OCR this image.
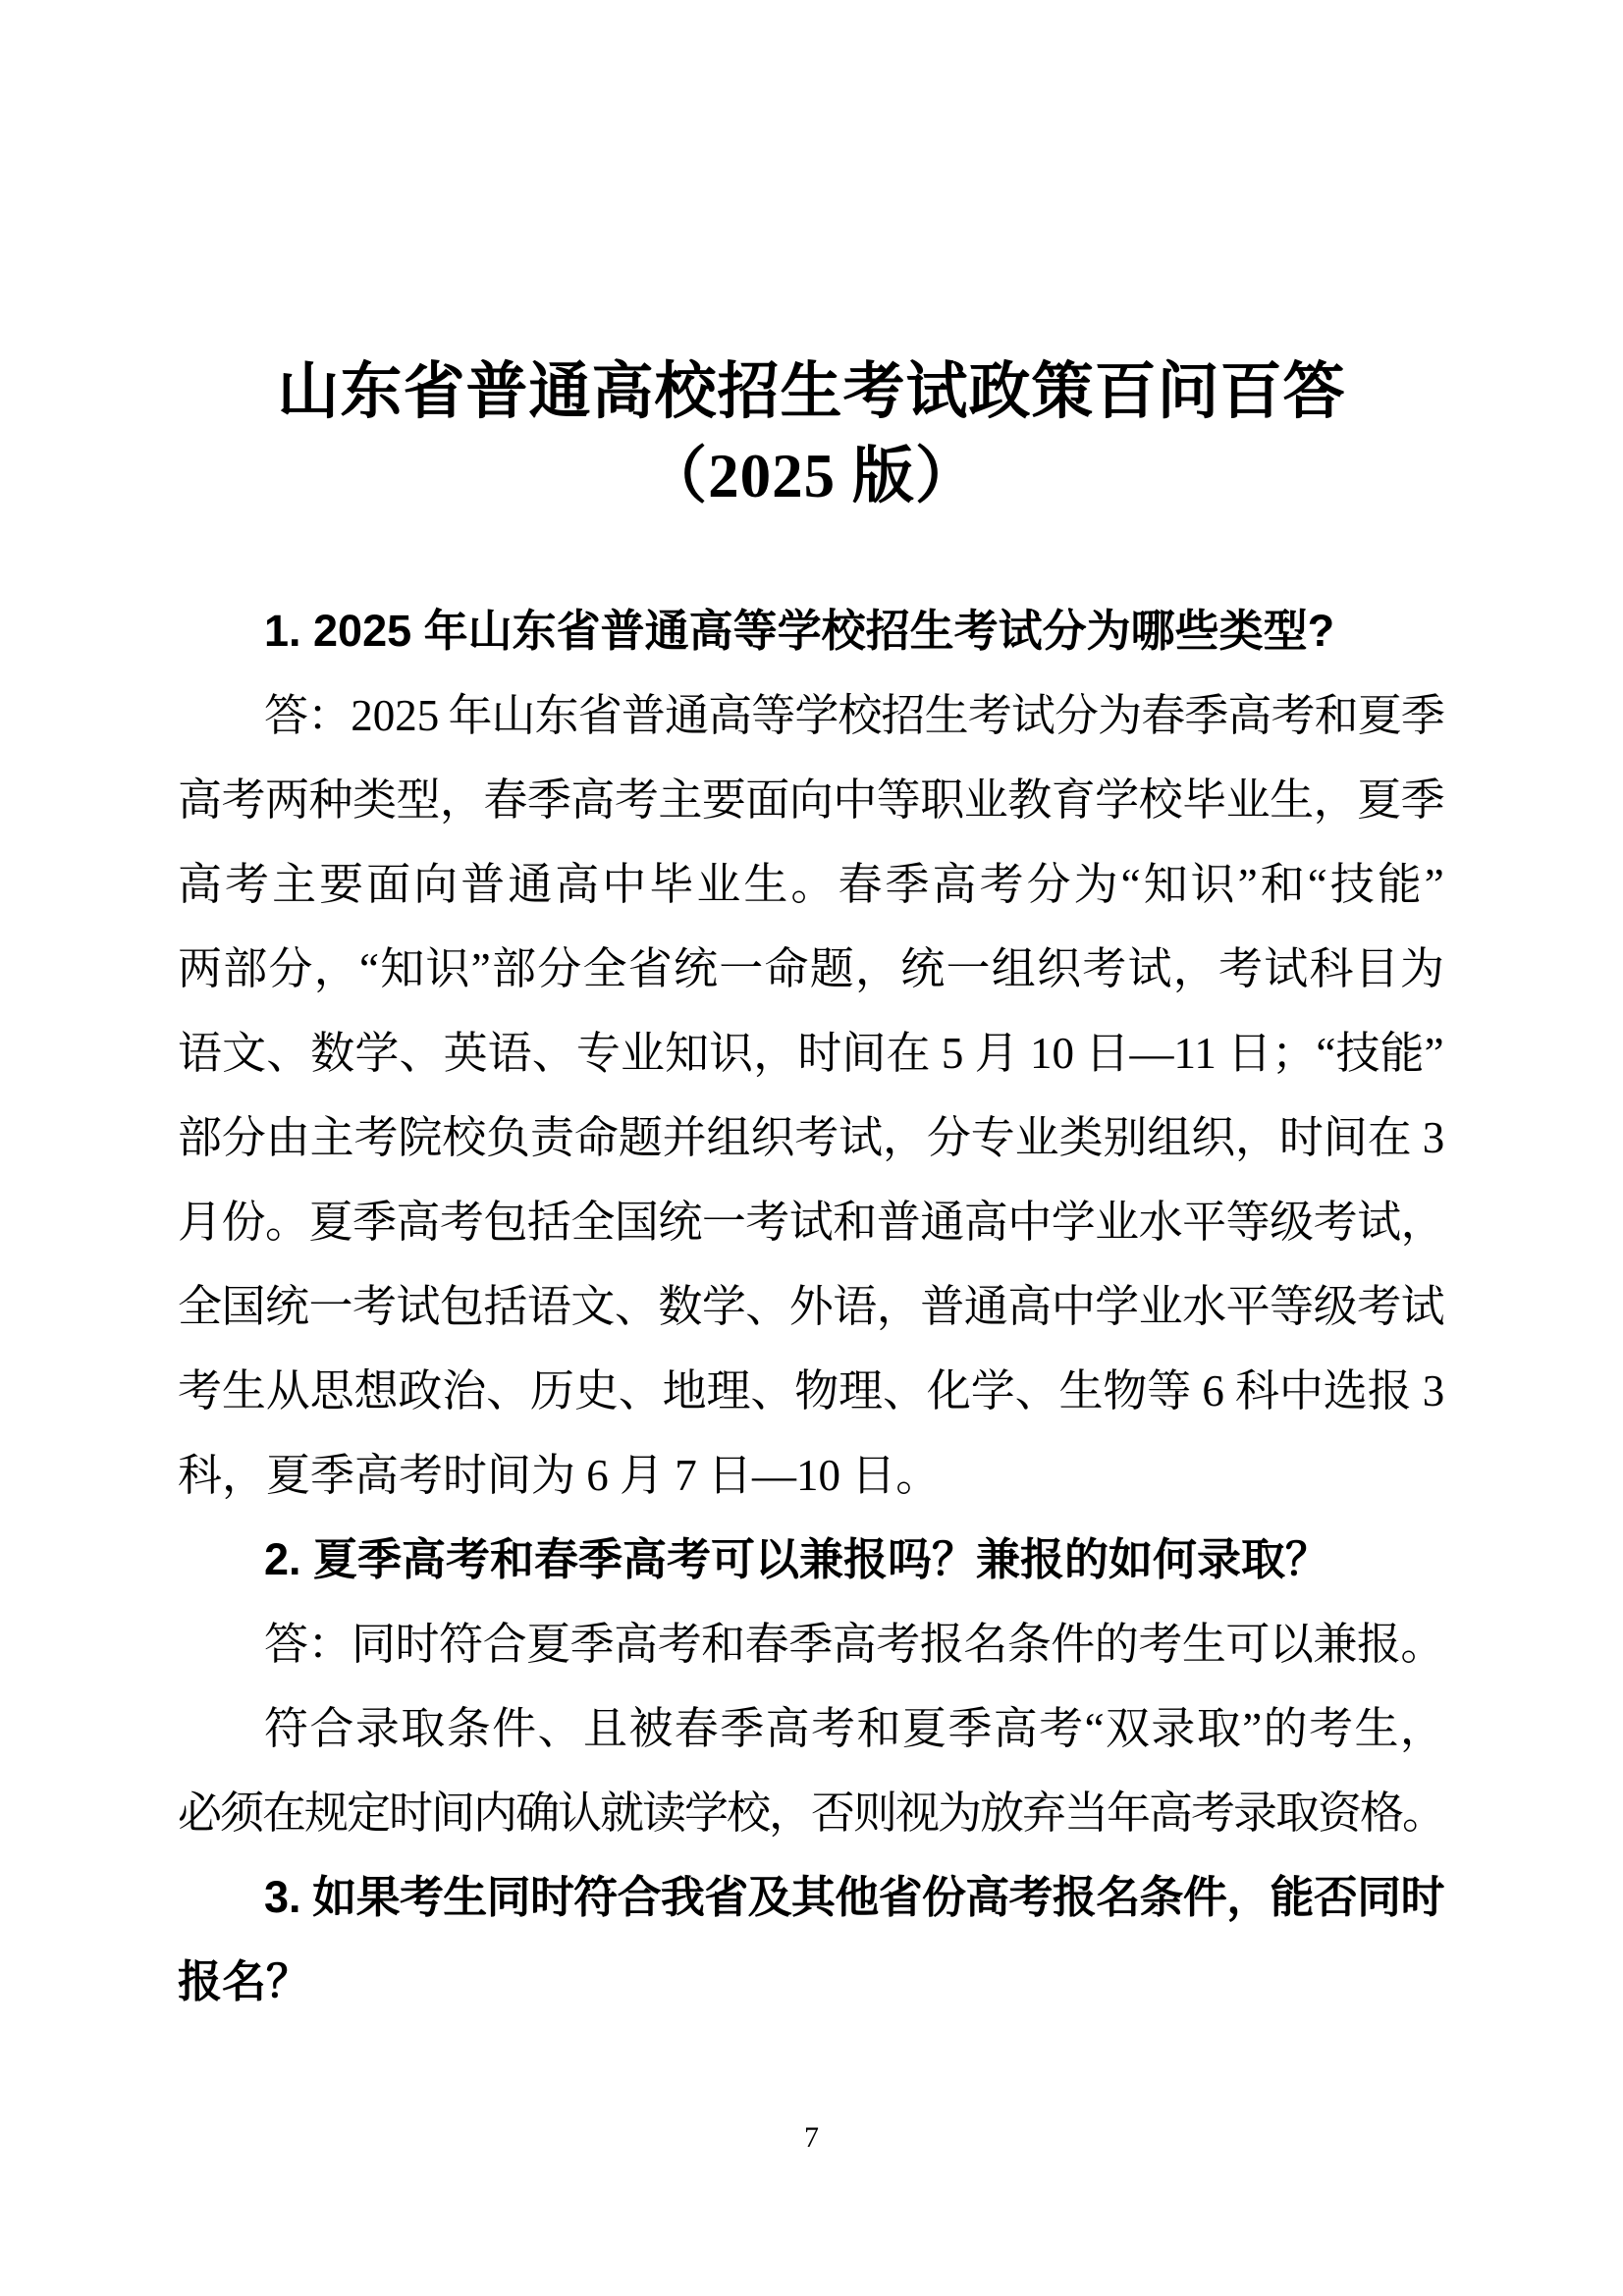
山东省普通高校招生考试政策百问百答
（2025 版）
1. 2025 年山东省普通高等学校招生考试分为哪些类型?
答 ： 2025
年 山 东 省 普 通 高 等 学 校 招 生 考 试 分 为 春 季 高 考 和 夏 季
高 考 两 种 类 型 ， 春 季 高 考 主 要 面 向 中 等 职 业 教 育 学 校 毕 业 生 ， 夏 季
高 考 主 要 面 向 普 通 高 中 毕 业 生 。 春 季 高 考 分 为 “ 知 识 ” 和 “ 技 能 ”
两 部 分 ， “ 知 识 ” 部 分 全 省 统 一 命 题 ， 统 一 组 织 考 试 ， 考 试 科 目 为
语 文 、 数 学 、 英 语 、 专 业 知 识 ， 时 间 在 5 月 10 日 — 11 日 ； “ 技 能 ”
部 分 由 主 考 院 校 负 责 命 题 并 组 织 考 试 ， 分 专 业 类 别 组 织 ， 时 间 在 3
月 份 。 夏 季 高 考 包 括 全 国 统 一 考 试 和 普 通 高 中 学 业 水 平 等 级 考 试 ，
全 国 统 一 考 试 包 括 语 文 、 数 学 、 外 语 ， 普 通 高 中 学 业 水 平 等 级 考 试
考 生 从 思 想 政 治 、 历 史 、 地 理 、 物 理 、 化 学 、 生 物 等 6 科 中 选 报 3
科，夏季高考时间为 6 月 7 日—10 日。
2. 夏季高考和春季高考可以兼报吗？兼报的如何录取？
答 ： 同 时 符 合 夏 季 高 考 和 春 季 高 考 报 名 条 件 的 考 生 可 以 兼 报 。
符 合 录 取 条 件 、 且 被 春 季 高 考 和 夏 季 高 考 “ 双 录 取 ” 的 考 生 ，
必
须
在
规
定
时
间
内
确
认
就
读
学
校
，
否
则
视
为
放
弃
当
年
高
考
录
取
资
格
。
3. 如 果 考 生 同 时 符 合 我 省 及 其 他 省 份 高 考 报 名 条 件 ， 能 否 同 时
报名？
7
